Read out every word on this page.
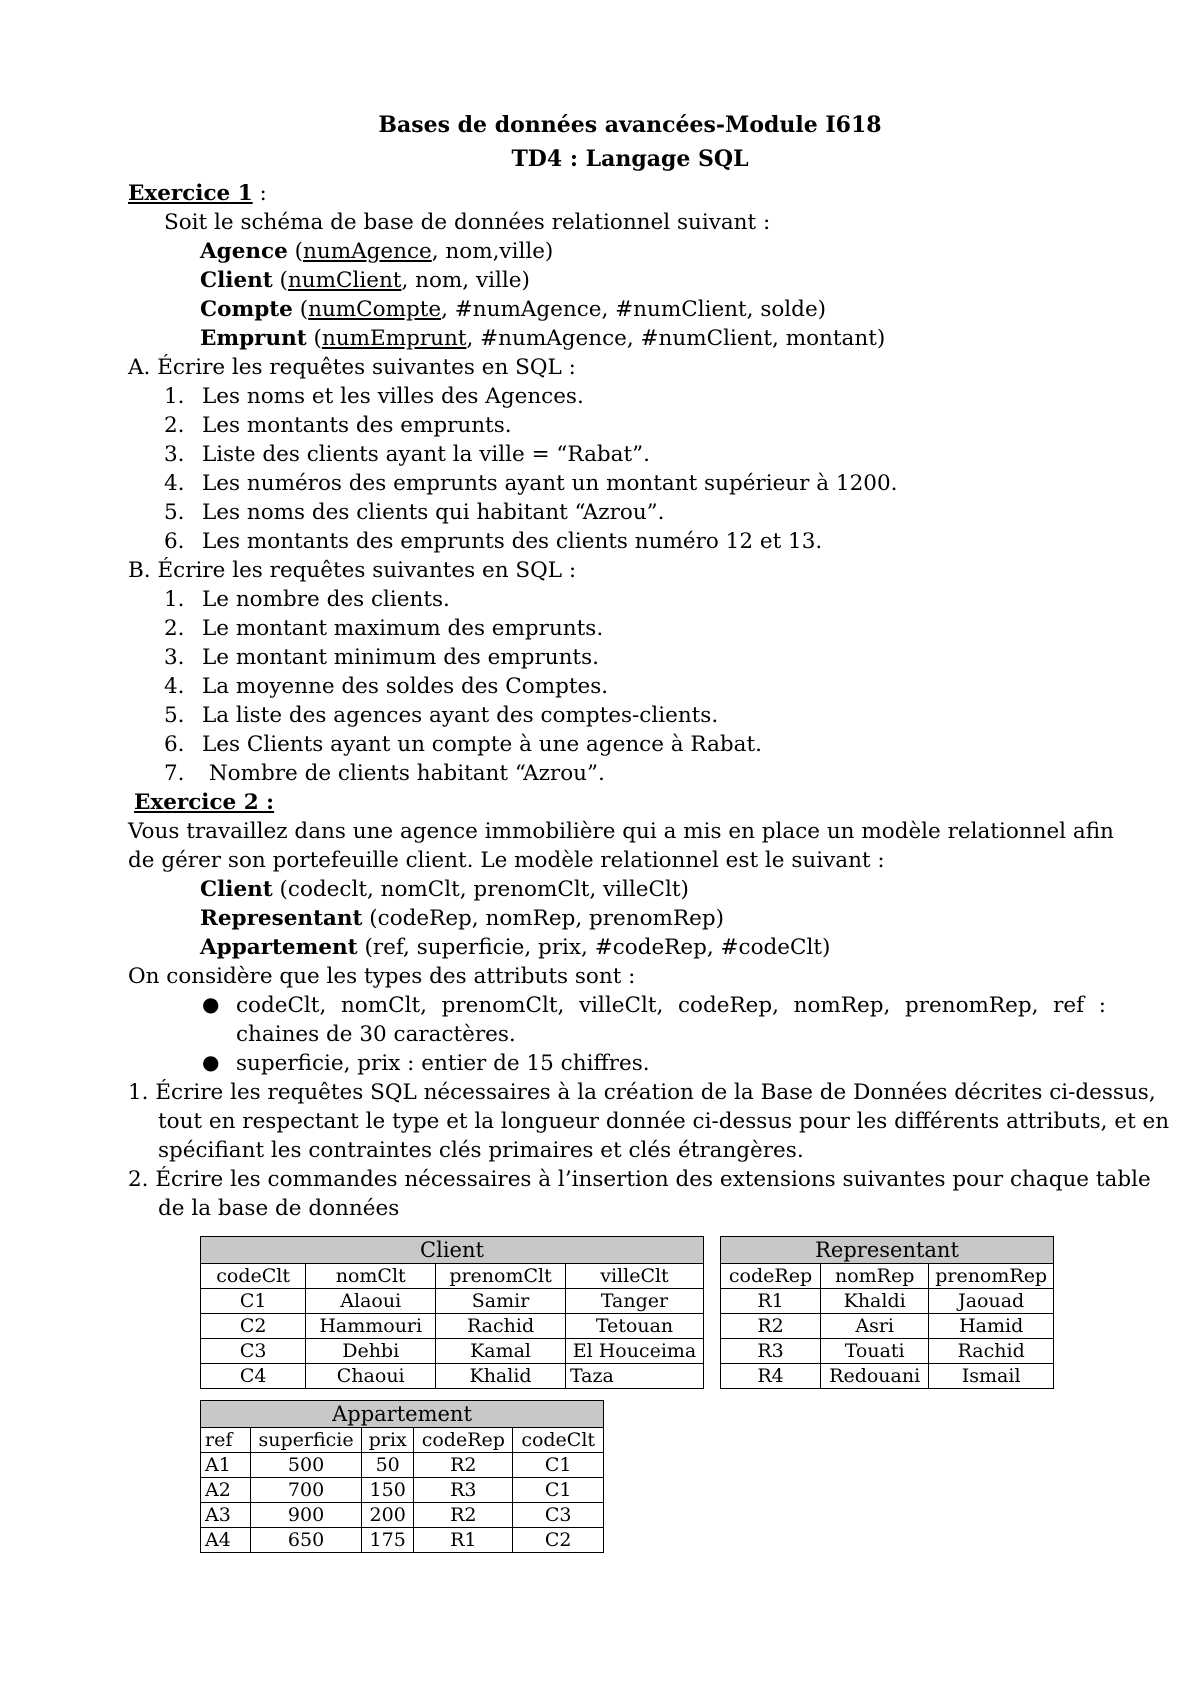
Bases de données avancées-Module I618
TD4 : Langage SQL
Exercice 1 :
Soit le schéma de base de données relationnel suivant :
Agence (numAgence, nom,ville)
Client (numClient, nom, ville)
Compte (numCompte, #numAgence, #numClient, solde)
Emprunt (numEmprunt, #numAgence, #numClient, montant)
A. Écrire les requêtes suivantes en SQL :
1. Les noms et les villes des Agences.
2. Les montants des emprunts.
3. Liste des clients ayant la ville = “Rabat”.
4. Les numéros des emprunts ayant un montant supérieur à 1200.
5. Les noms des clients qui habitant “Azrou”.
6. Les montants des emprunts des clients numéro 12 et 13.
B. Écrire les requêtes suivantes en SQL :
1. Le nombre des clients.
2. Le montant maximum des emprunts.
3. Le montant minimum des emprunts.
4. La moyenne des soldes des Comptes.
5. La liste des agences ayant des comptes-clients.
6. Les Clients ayant un compte à une agence à Rabat.
7. Nombre de clients habitant “Azrou”.
Exercice 2 :
Vous travaillez dans une agence immobilière qui a mis en place un modèle relationnel afin
de gérer son portefeuille client. Le modèle relationnel est le suivant :
Client (codeclt, nomClt, prenomClt, villeClt)
Representant (codeRep, nomRep, prenomRep)
Appartement (ref, superficie, prix, #codeRep, #codeClt)
On considère que les types des attributs sont :
● codeClt, nomClt, prenomClt, villeClt, codeRep, nomRep, prenomRep, ref :
chaines de 30 caractères.
● superficie, prix : entier de 15 chiffres.
1. Écrire les requêtes SQL nécessaires à la création de la Base de Données décrites ci-dessus,
tout en respectant le type et la longueur donnée ci-dessus pour les différents attributs, et en
spécifiant les contraintes clés primaires et clés étrangères.
2. Écrire les commandes nécessaires à l’insertion des extensions suivantes pour chaque table
de la base de données
Client			
codeClt	nomClt	prenomClt	villeClt
C1	Alaoui	Samir	Tanger
C2	Hammouri	Rachid	Tetouan
C3	Dehbi	Kamal	El Houceima
C4	Chaoui	Khalid	Taza
Representant		
codeRep	nomRep	prenomRep
R1	Khaldi	Jaouad
R2	Asri	Hamid
R3	Touati	Rachid
R4	Redouani	Ismail
Appartement				
ref	superficie	prix	codeRep	codeClt
A1	500	50	R2	C1
A2	700	150	R3	C1
A3	900	200	R2	C3
A4	650	175	R1	C2
